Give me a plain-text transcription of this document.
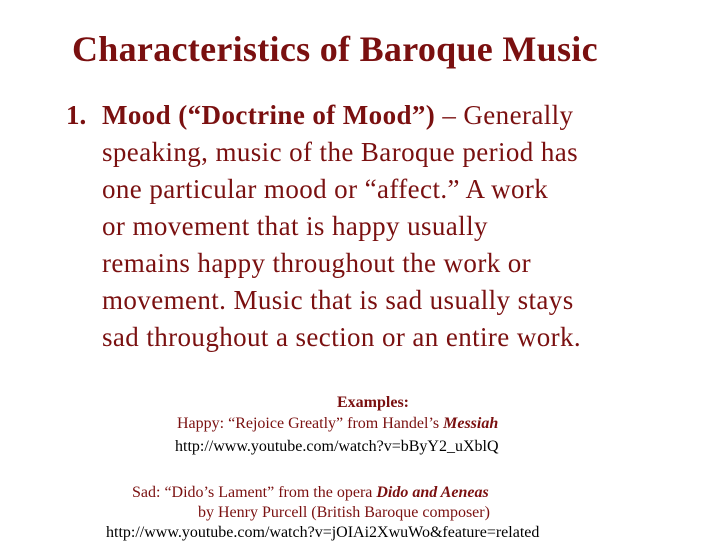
Characteristics of Baroque Music
1. Mood (“Doctrine of Mood”) – Generally
speaking, music of the Baroque period has
one particular mood or “affect.” A work
or movement that is happy usually
remains happy throughout the work or
movement. Music that is sad usually stays
sad throughout a section or an entire work.
Examples:
Happy: “Rejoice Greatly” from Handel’s Messiah
http://www.youtube.com/watch?v=bByY2_uXblQ
Sad: “Dido’s Lament” from the opera Dido and Aeneas
by Henry Purcell (British Baroque composer)
http://www.youtube.com/watch?v=jOIAi2XwuWo&feature=related
